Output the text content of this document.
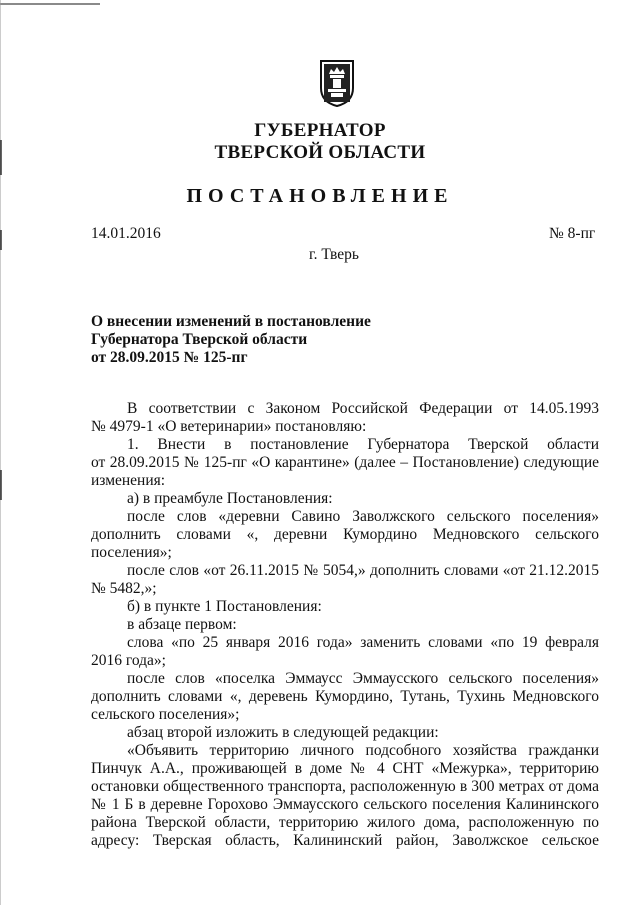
ГУБЕРНАТОР
ТВЕРСКОЙ ОБЛАСТИ
ПОСТАНОВЛЕНИЕ
14.01.2016	№ 8-пг
г. Тверь
О внесении изменений в постановление
Губернатора Тверской области
от 28.09.2015 № 125-пг
В соответствии с Законом Российской Федерации от 14.05.1993
№ 4979-1 «О ветеринарии» постановляю:
1. Внести в постановление Губернатора Тверской области
от 28.09.2015 № 125-пг «О карантине» (далее – Постановление) следующие
изменения:
а) в преамбуле Постановления:
после слов «деревни Савино Заволжского сельского поселения»
дополнить словами «, деревни Кумордино Медновского сельского
поселения»;
после слов «от 26.11.2015 № 5054,» дополнить словами «от 21.12.2015
№ 5482,»;
б) в пункте 1 Постановления:
в абзаце первом:
слова «по 25 января 2016 года» заменить словами «по 19 февраля
2016 года»;
после слов «поселка Эммаусс Эммаусского сельского поселения»
дополнить словами «, деревень Кумордино, Тутань, Тухинь Медновского
сельского поселения»;
абзац второй изложить в следующей редакции:
«Объявить территорию личного подсобного хозяйства гражданки
Пинчук А.А., проживающей в доме № 4 СНТ «Межурка», территорию
остановки общественного транспорта, расположенную в 300 метрах от дома
№ 1 Б в деревне Горохово Эммаусского сельского поселения Калининского
района Тверской области, территорию жилого дома, расположенную по
адресу: Тверская область, Калининский район, Заволжское сельское
